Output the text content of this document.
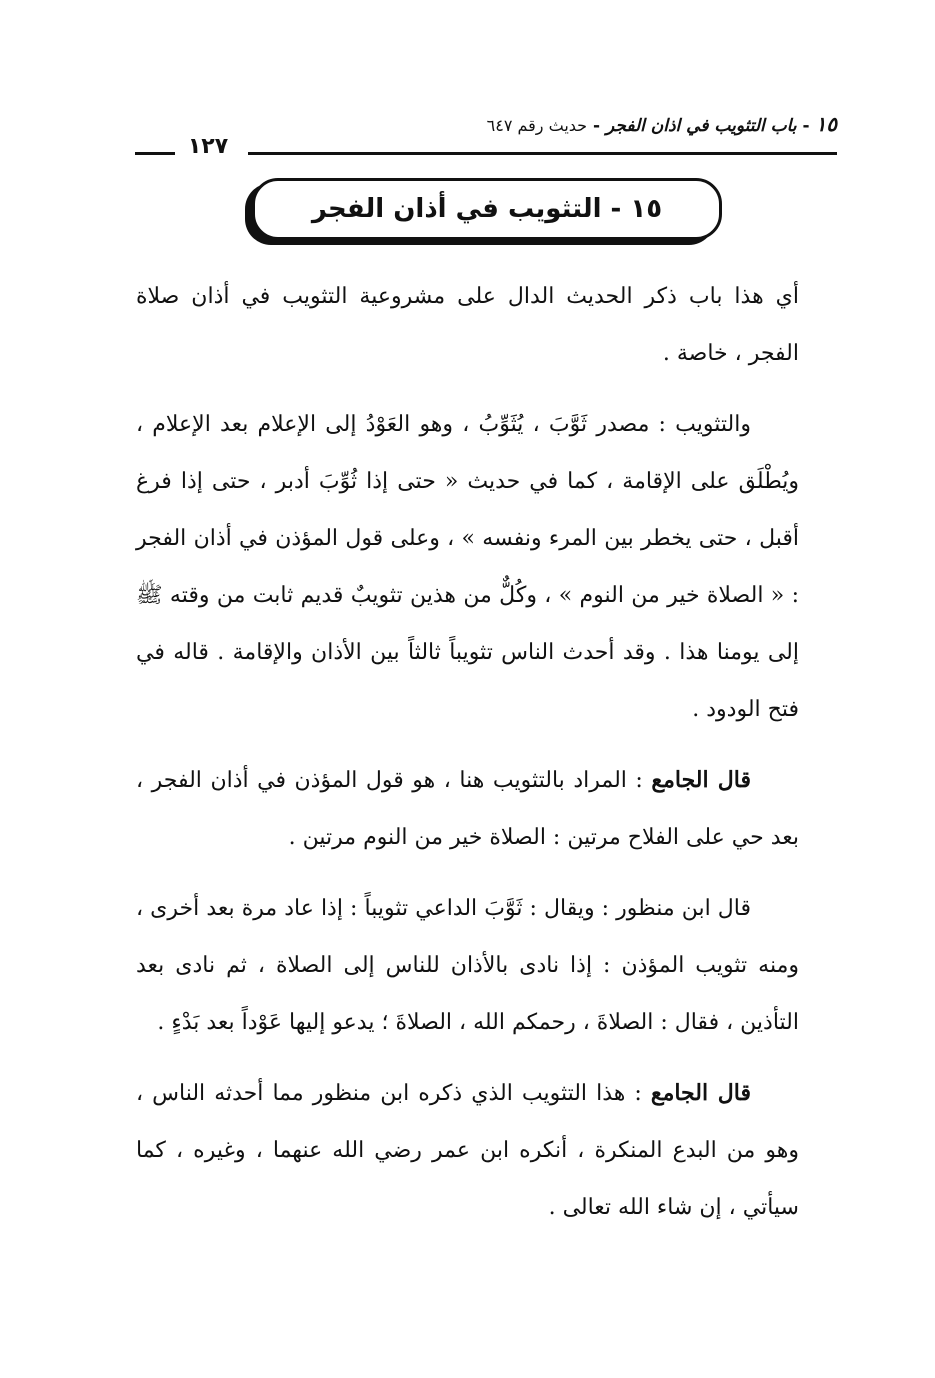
١٥ - باب التثويب في اذان الفجر - حديث رقم ٦٤٧
١٢٧
١٥ - التثويب في أذان الفجر

أي هذا باب ذكر الحديث الدال على مشروعية التثويب في أذان صلاة الفجر ، خاصة .

والتثويب : مصدر ثَوَّبَ ، يُثَوِّبُ ، وهو العَوْدُ إلى الإعلام بعد الإعلام ، ويُطْلَق على الإقامة ، كما في حديث « حتى إذا ثُوِّبَ أدبر ، حتى إذا فرغ أقبل ، حتى يخطر بين المرء ونفسه » ، وعلى قول المؤذن في أذان الفجر : « الصلاة خير من النوم » ، وكُلٌّ من هذين تثويبٌ قديم ثابت من وقته ﷺ إلى يومنا هذا . وقد أحدث الناس تثويباً ثالثاً بين الأذان والإقامة . قاله في فتح الودود .

قال الجامع : المراد بالتثويب هنا ، هو قول المؤذن في أذان الفجر ، بعد حي على الفلاح مرتين : الصلاة خير من النوم مرتين .

قال ابن منظور : ويقال : ثَوَّبَ الداعي تثويباً : إذا عاد مرة بعد أخرى ، ومنه تثويب المؤذن : إذا نادى بالأذان للناس إلى الصلاة ، ثم نادى بعد التأذين ، فقال : الصلاةَ ، رحمكم الله ، الصلاةَ ؛ يدعو إليها عَوْداً بعد بَدْءٍ .

قال الجامع : هذا التثويب الذي ذكره ابن منظور مما أحدثه الناس ، وهو من البدع المنكرة ، أنكره ابن عمر رضي الله عنهما ، وغيره ، كما سيأتي ، إن شاء الله تعالى .
